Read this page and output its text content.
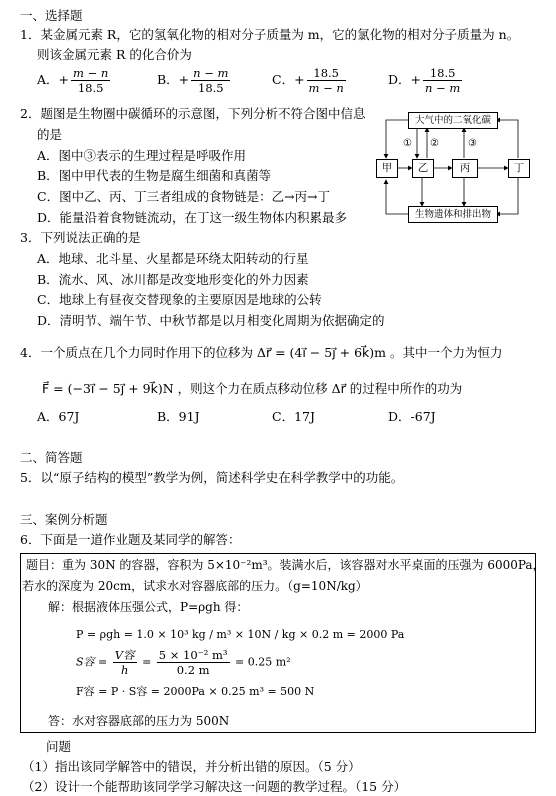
一、选择题
1．某金属元素 R，它的氢氧化物的相对分子质量为 m，它的氯化物的相对分子质量为 n。
则该金属元素 R 的化合价为
A．+ $\frac{m - n}{18.5}$	B．+ $\frac{n - m}{18.5}$	C．+ $\frac{18.5}{m - n}$	D．+ $\frac{18.5}{n - m}$
2．题图是生物圈中碳循环的示意图，下列分析不符合图中信息
的是
A．图中③表示的生理过程是呼吸作用
B．图中甲代表的生物是腐生细菌和真菌等
C．图中乙、丙、丁三者组成的食物链是：乙→丙→丁
D．能量沿着食物链流动，在丁这一级生物体内积累最多
大气中的二氧化碳
生物遗体和排出物
甲	乙	丙	丁
① ②	③
3．下列说法正确的是
A．地球、北斗星、火星都是环绕太阳转动的行星
B．流水、风、冰川都是改变地形变化的外力因素
C．地球上有昼夜交替现象的主要原因是地球的公转
D．清明节、端午节、中秋节都是以月相变化周期为依据确定的
4．一个质点在几个力同时作用下的位移为 Δr⃗ = (4i⃗ − 5j⃗ + 6k⃗)m 。其中一个力为恒力
F⃗ = (−3i⃗ − 5j⃗ + 9k⃗)N ，则这个力在质点移动位移 Δr⃗ 的过程中所作的功为
A．67J	B．91J	C．17J	D．-67J
二、简答题
5．以“原子结构的模型”教学为例，简述科学史在科学教学中的功能。
三、案例分析题
6．下面是一道作业题及某同学的解答：
题目：重为 30N 的容器，容积为 5×10⁻²m³。装满水后，该容器对水平桌面的压强为 6000Pa，
若水的深度为 20cm，试求水对容器底部的压力。（g=10N/kg）
解：根据液体压强公式，P=ρgh 得：
P = ρgh = 1.0 × 10³ kg / m³ × 10N / kg × 0.2 m = 2000 Pa
S容 = $\frac{\text{V容}}{h} = \frac{\text{5 × 10⁻² m³}}{0.2 m} = 0.25$ m²
F容 = P · S容 = 2000Pa × 0.25 m³ = 500 N
答：水对容器底部的压力为 500N
问题
（1）指出该同学解答中的错误，并分析出错的原因。（5 分）
（2）设计一个能帮助该同学学习解决这一问题的教学过程。（15 分）
